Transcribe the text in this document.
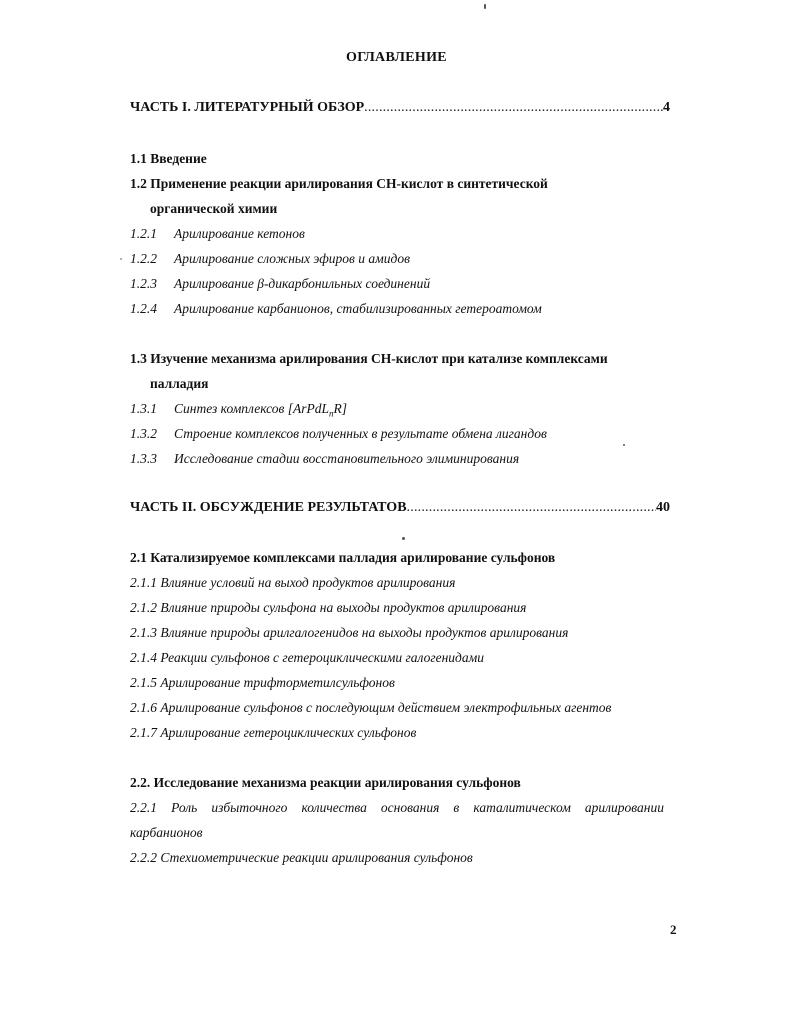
ОГЛАВЛЕНИЕ
ЧАСТЬ I. ЛИТЕРАТУРНЫЙ ОБЗОР .....	4
1.1 Введение
1.2 Применение реакции арилирования CH-кислот в синтетической
органической химии
1.2.1 Арилирование кетонов
1.2.2 Арилирование сложных эфиров и амидов
1.2.3 Арилирование β-дикарбонильных соединений
1.2.4 Арилирование карбанионов, стабилизированных гетероатомом
1.3 Изучение механизма арилирования CH-кислот при катализе комплексами
палладия
1.3.1 Синтез комплексов [ArPdL$_n$R]
1.3.2 Строение комплексов полученных в результате обмена лигандов
1.3.3 Исследование стадии восстановительного элиминирования
ЧАСТЬ II. ОБСУЖДЕНИЕ РЕЗУЛЬТАТОВ .....	40
2.1 Катализируемое комплексами палладия арилирование сульфонов
2.1.1 Влияние условий на выход продуктов арилирования
2.1.2 Влияние природы сульфона на выходы продуктов арилирования
2.1.3 Влияние природы арилгалогенидов на выходы продуктов арилирования
2.1.4 Реакции сульфонов с гетероциклическими галогенидами
2.1.5 Арилирование трифторметилсульфонов
2.1.6 Арилирование сульфонов с последующим действием электрофильных агентов
2.1.7 Арилирование гетероциклических сульфонов
2.2. Исследование механизма реакции арилирования сульфонов
2.2.1 Роль избыточного количества основания в каталитическом арилировании
карбанионов
2.2.2 Стехиометрические реакции арилирования сульфонов
2
